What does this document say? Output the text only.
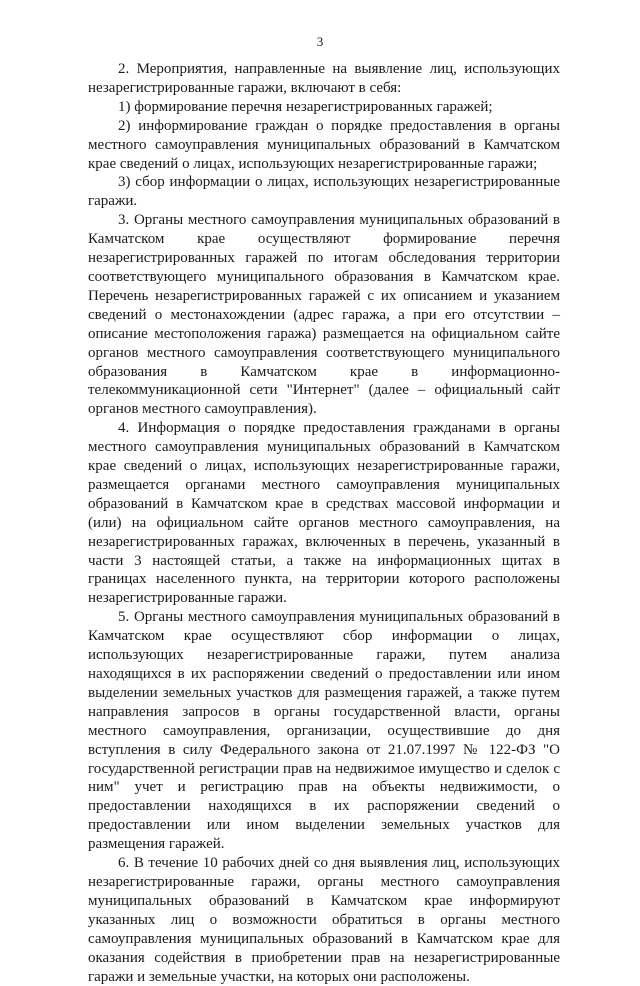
3

2. Мероприятия, направленные на выявление лиц, использующих незарегистрированные гаражи, включают в себя:

1) формирование перечня незарегистрированных гаражей;

2) информирование граждан о порядке предоставления в органы местного самоуправления муниципальных образований в Камчатском крае сведений о лицах, использующих незарегистрированные гаражи;

3) сбор информации о лицах, использующих незарегистрированные гаражи.

3. Органы местного самоуправления муниципальных образований в Камчатском крае осуществляют формирование перечня незарегистрированных гаражей по итогам обследования территории соответствующего муниципального образования в Камчатском крае. Перечень незарегистрированных гаражей с их описанием и указанием сведений о местонахождении (адрес гаража, а при его отсутствии – описание местоположения гаража) размещается на официальном сайте органов местного самоуправления соответствующего муниципального образования в Камчатском крае в информационно-телекоммуникационной сети "Интернет" (далее – официальный сайт органов местного самоуправления).

4. Информация о порядке предоставления гражданами в органы местного самоуправления муниципальных образований в Камчатском крае сведений о лицах, использующих незарегистрированные гаражи, размещается органами местного самоуправления муниципальных образований в Камчатском крае в средствах массовой информации и (или) на официальном сайте органов местного самоуправления, на незарегистрированных гаражах, включенных в перечень, указанный в части 3 настоящей статьи, а также на информационных щитах в границах населенного пункта, на территории которого расположены незарегистрированные гаражи.

5. Органы местного самоуправления муниципальных образований в Камчатском крае осуществляют сбор информации о лицах, использующих незарегистрированные гаражи, путем анализа находящихся в их распоряжении сведений о предоставлении или ином выделении земельных участков для размещения гаражей, а также путем направления запросов в органы государственной власти, органы местного самоуправления, организации, осуществившие до дня вступления в силу Федерального закона от 21.07.1997 № 122-ФЗ "О государственной регистрации прав на недвижимое имущество и сделок с ним" учет и регистрацию прав на объекты недвижимости, о предоставлении находящихся в их распоряжении сведений о предоставлении или ином выделении земельных участков для размещения гаражей.

6. В течение 10 рабочих дней со дня выявления лиц, использующих незарегистрированные гаражи, органы местного самоуправления муниципальных образований в Камчатском крае информируют указанных лиц о возможности обратиться в органы местного самоуправления муниципальных образований в Камчатском крае для оказания содействия в приобретении прав на незарегистрированные гаражи и земельные участки, на которых они расположены.
